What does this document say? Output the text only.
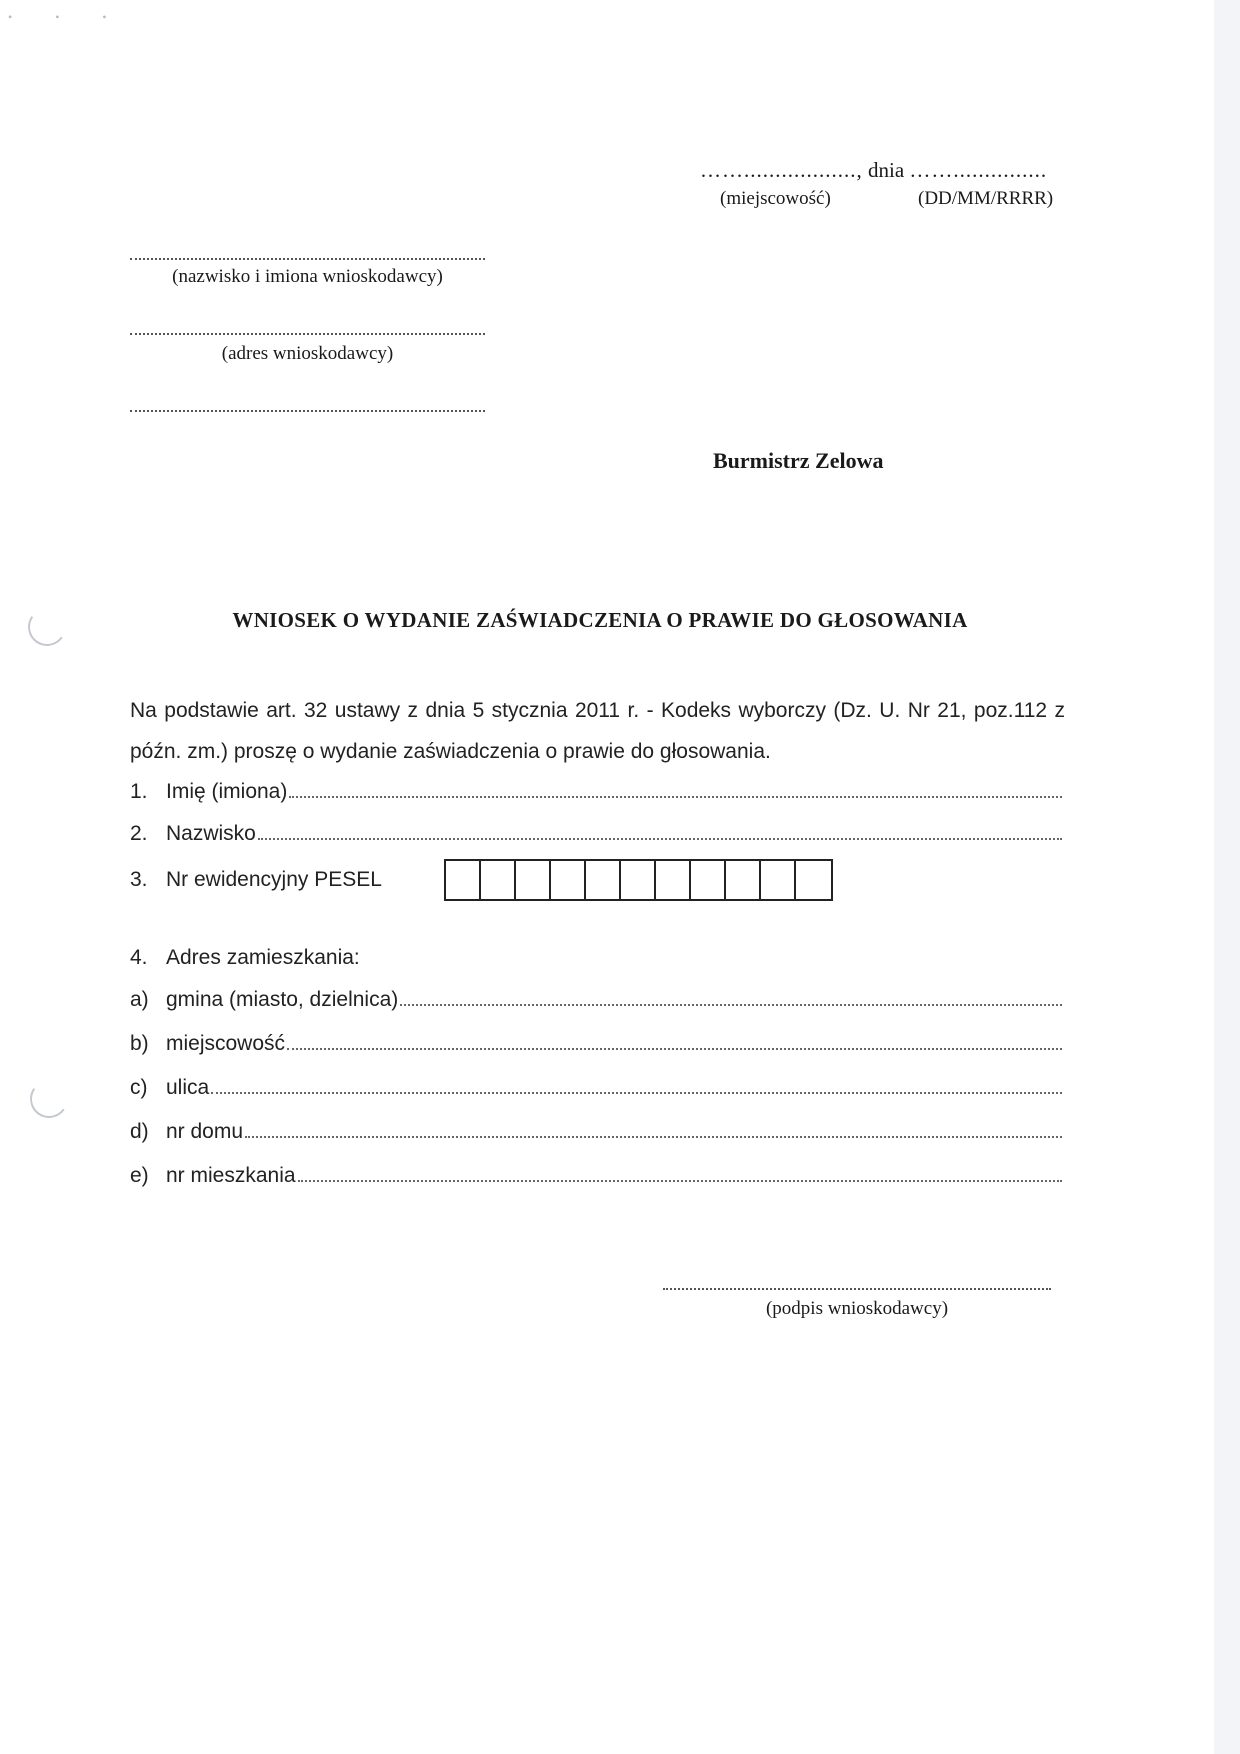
• • •
…….................., dnia ……...............
(miejscowość)	(DD/MM/RRRR)
(nazwisko i imiona wnioskodawcy)
(adres wnioskodawcy)
Burmistrz Zelowa
WNIOSEK O WYDANIE ZAŚWIADCZENIA O PRAWIE DO GŁOSOWANIA
Na podstawie art. 32 ustawy z dnia 5 stycznia 2011 r. - Kodeks wyborczy (Dz. U. Nr 21, poz.112 z późn. zm.) proszę o wydanie zaświadczenia o prawie do głosowania.
1. Imię (imiona)
2. Nazwisko
3. Nr ewidencyjny PESEL
4. Adres zamieszkania:
a) gmina (miasto, dzielnica)
b) miejscowość
c) ulica
d) nr domu
e) nr mieszkania
(podpis wnioskodawcy)
